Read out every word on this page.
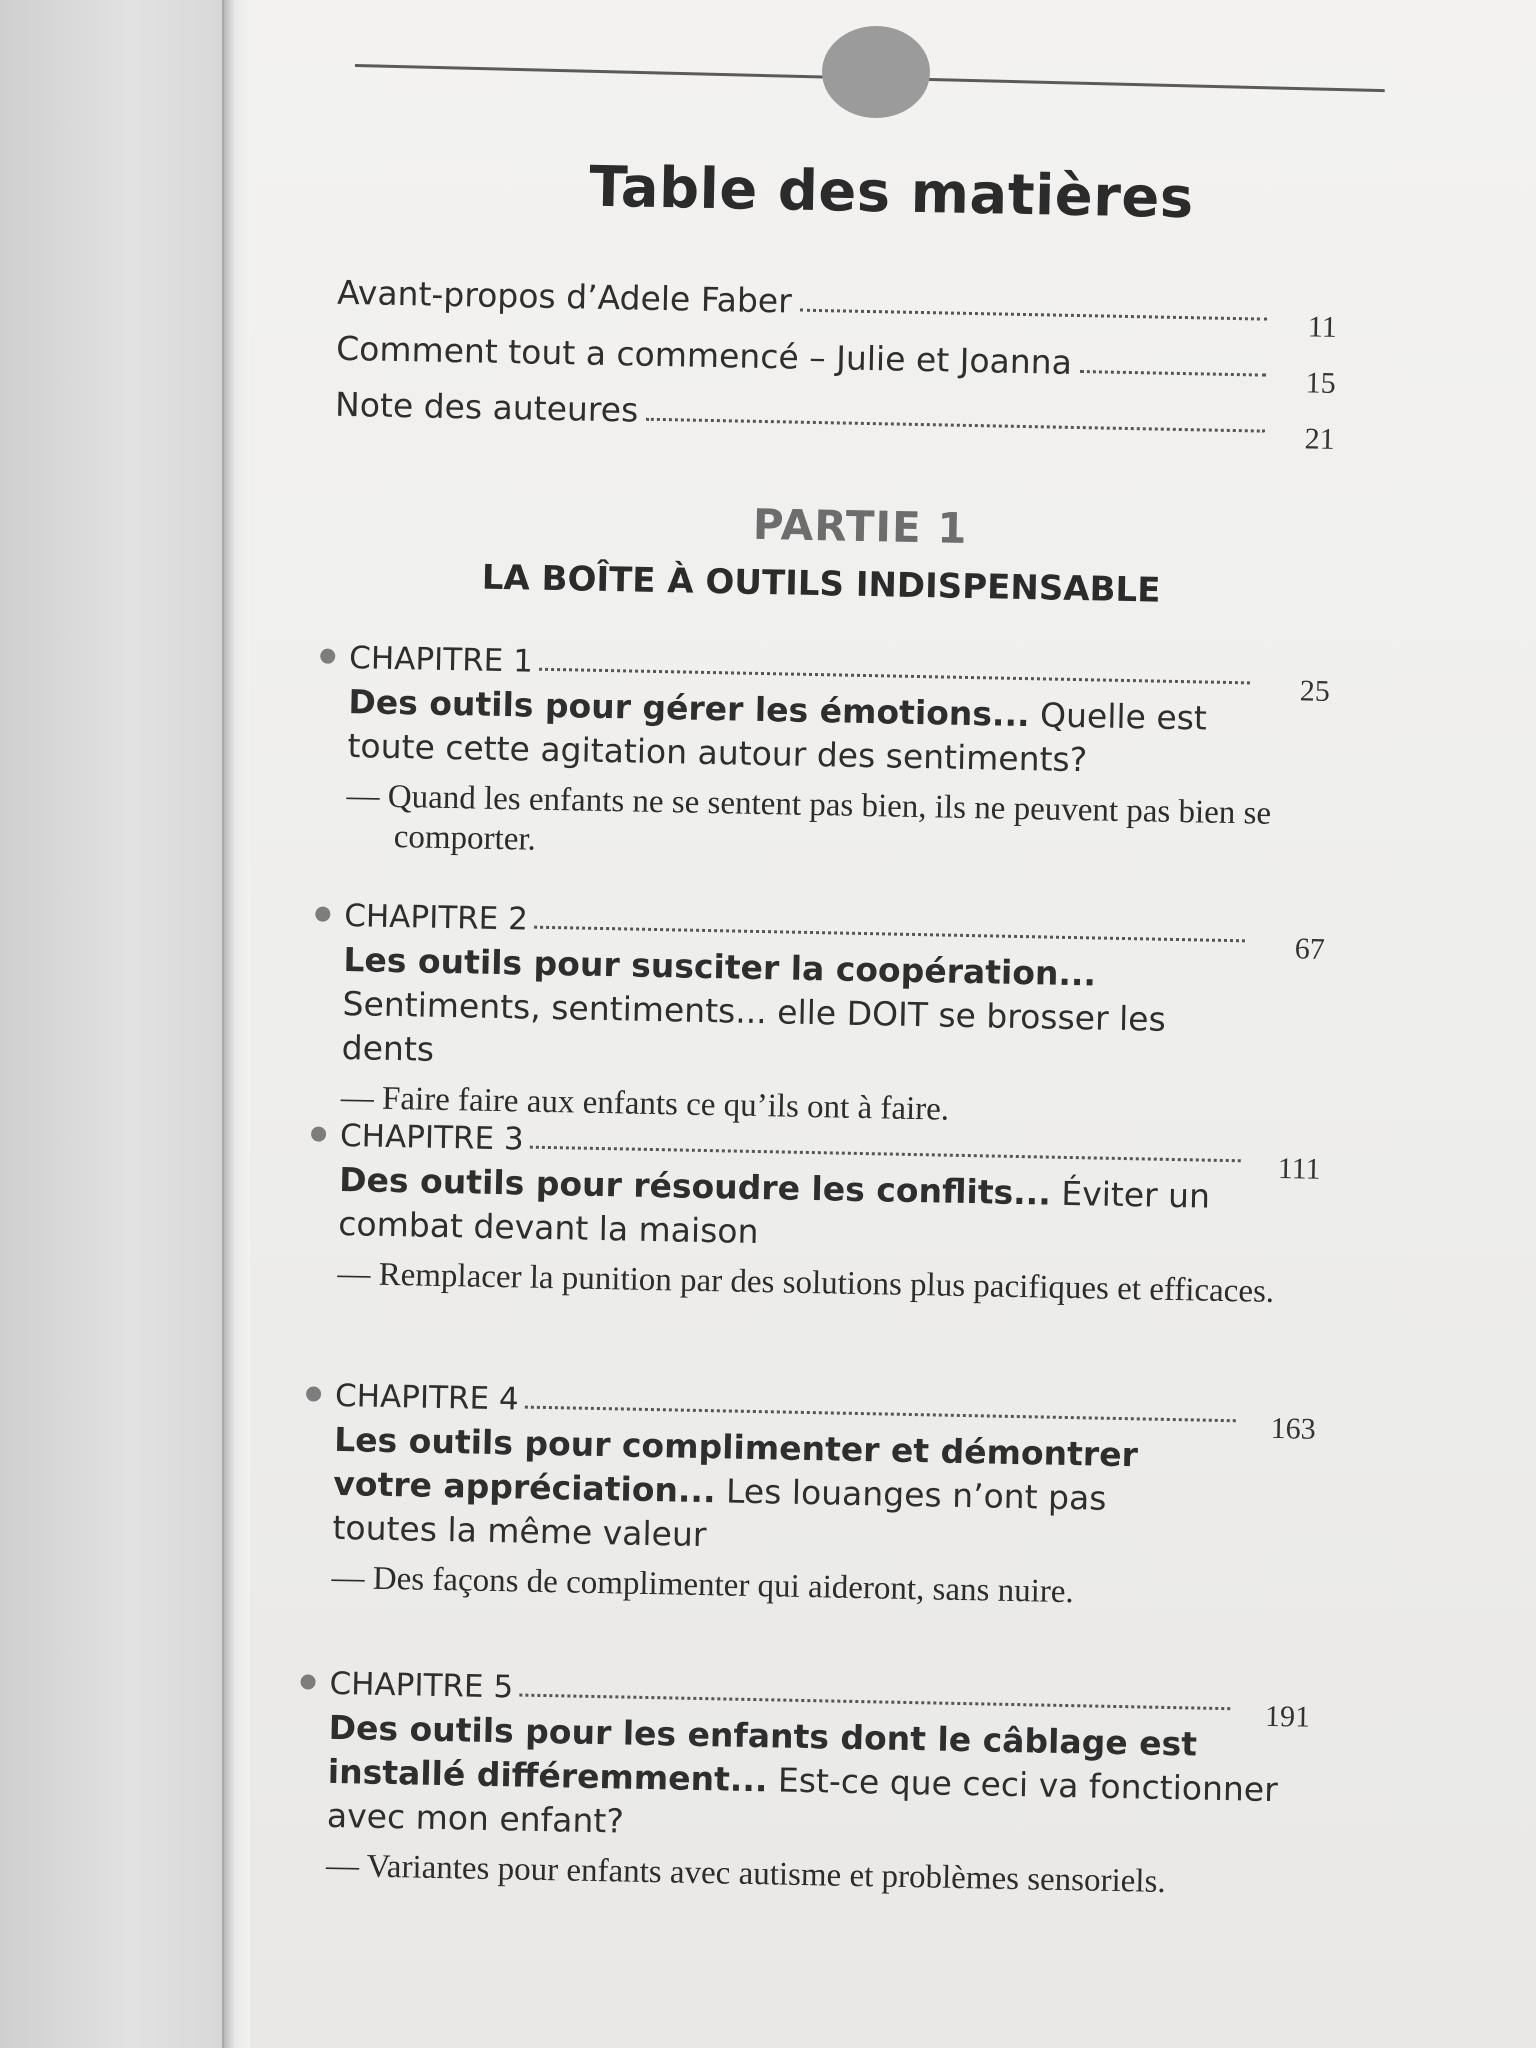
Table des matières
Avant-propos d’Adele Faber
11
Comment tout a commencé – Julie et Joanna
15
Note des auteures
21
PARTIE 1
LA BOÎTE À OUTILS INDISPENSABLE
CHAPITRE 1
25
Des outils pour gérer les émotions... Quelle est toute cette agitation autour des sentiments?
— Quand les enfants ne se sentent pas bien, ils ne peuvent pas bien se comporter.
CHAPITRE 2
67
Les outils pour susciter la coopération... Sentiments, sentiments... elle DOIT se brosser les dents
— Faire faire aux enfants ce qu’ils ont à faire.
CHAPITRE 3
111
Des outils pour résoudre les conflits... Éviter un combat devant la maison
— Remplacer la punition par des solutions plus pacifiques et efficaces.
CHAPITRE 4
163
Les outils pour complimenter et démontrer votre appréciation... Les louanges n’ont pas toutes la même valeur
— Des façons de complimenter qui aideront, sans nuire.
CHAPITRE 5
191
Des outils pour les enfants dont le câblage est installé différemment... Est-ce que ceci va fonctionner avec mon enfant?
— Variantes pour enfants avec autisme et problèmes sensoriels.
